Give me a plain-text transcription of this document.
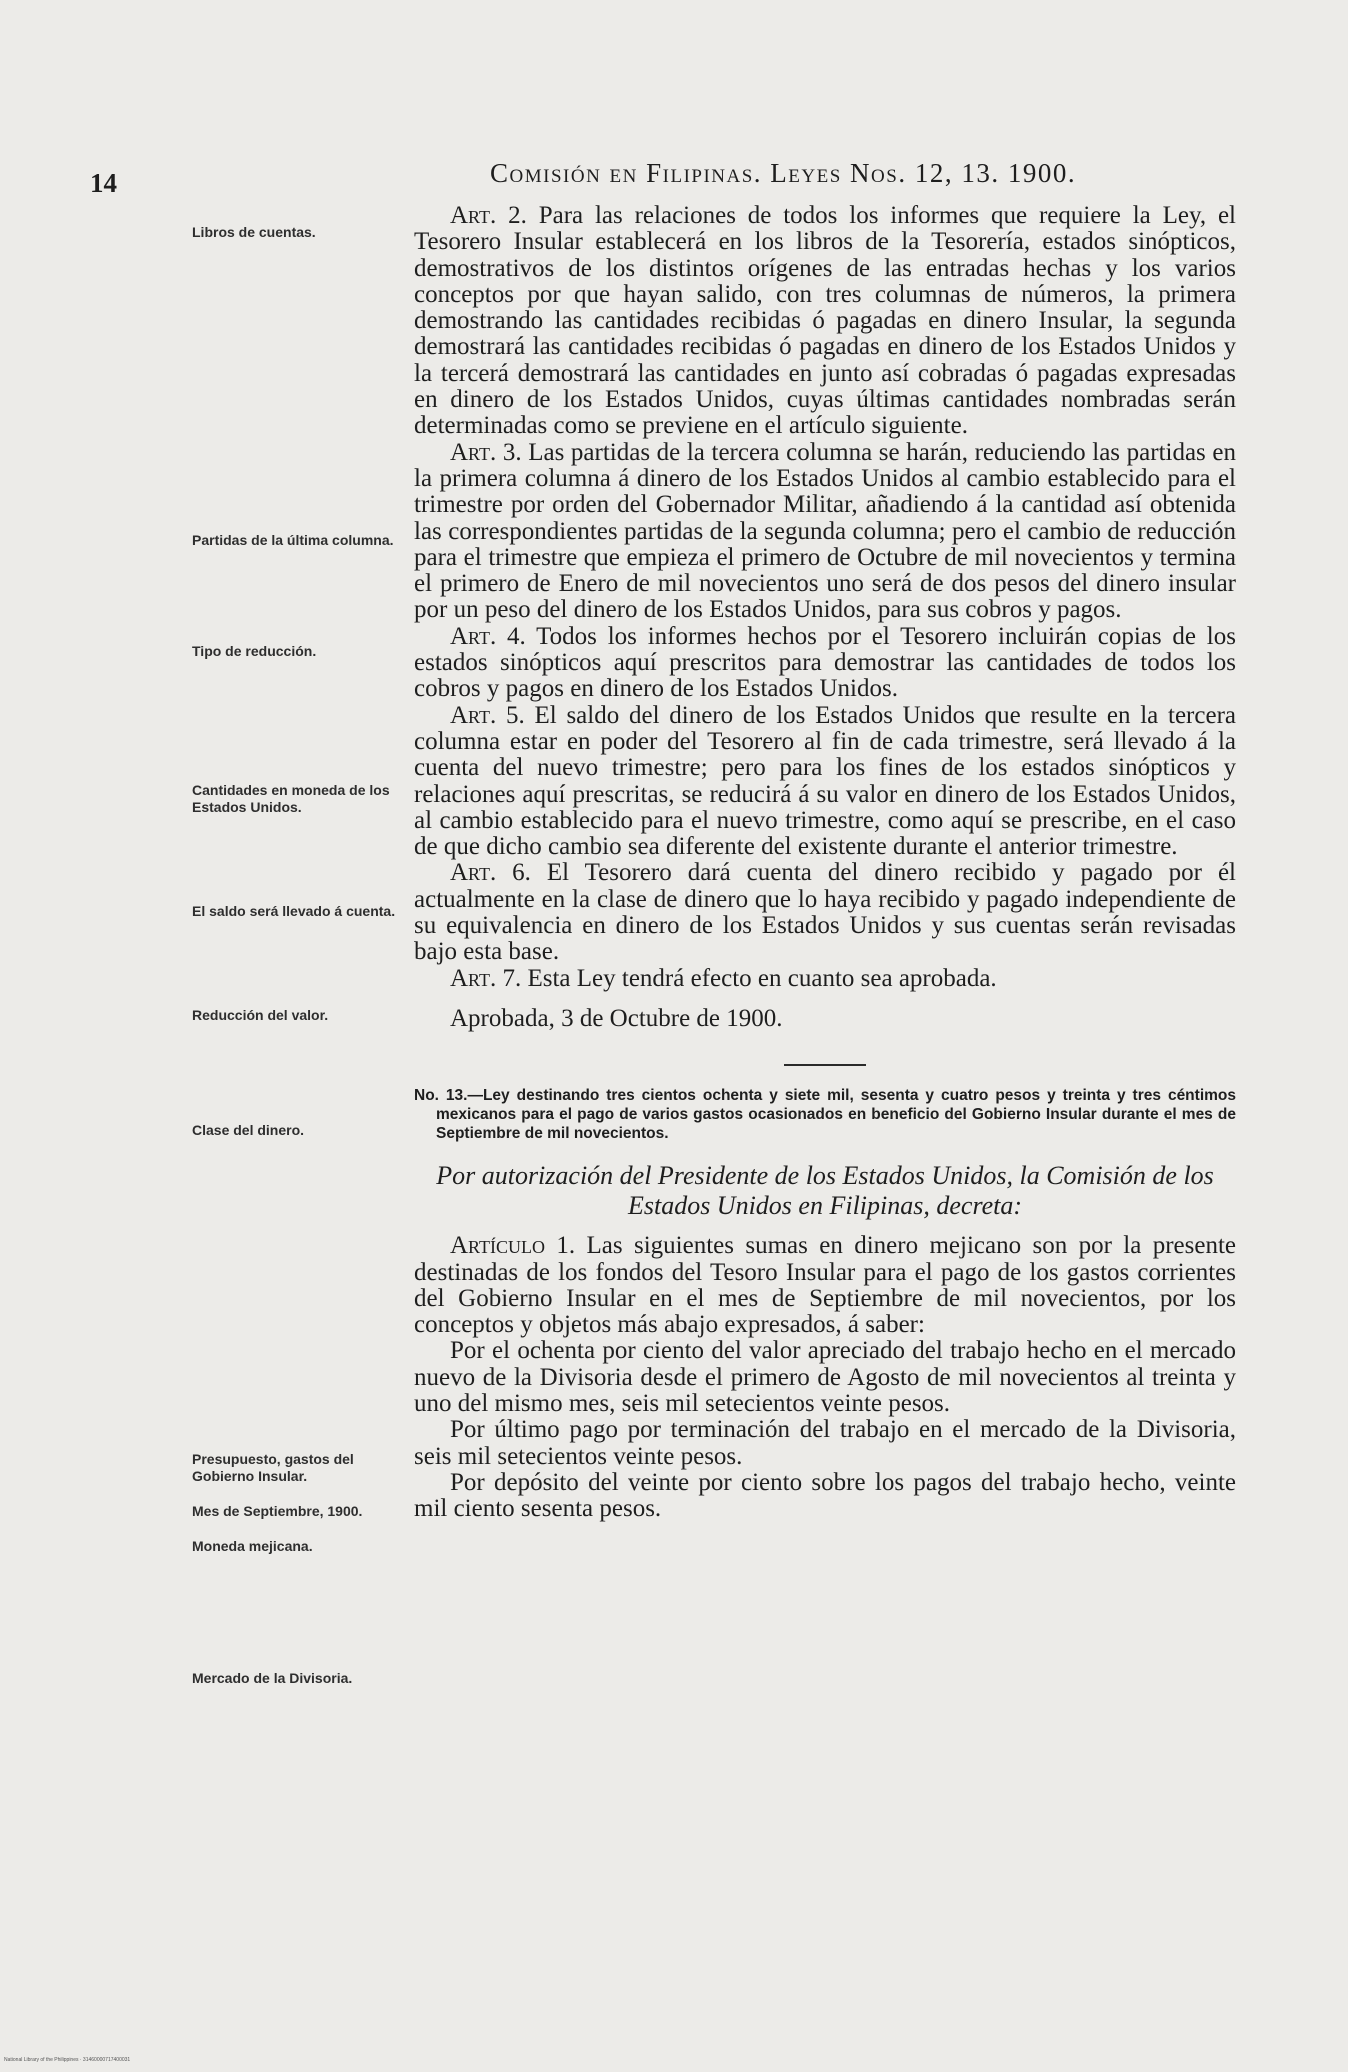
14	Comisión en Filipinas. Leyes Nos. 12, 13. 1900.
Libros de cuentas.
Partidas de la última columna.
Tipo de reducción.
Cantidades en moneda de los Estados Unidos.
El saldo será llevado á cuenta.
Reducción del valor.
Clase del dinero.
Presupuesto, gastos del Gobierno Insular.
Mes de Septiembre, 1900.
Moneda mejicana.
Mercado de la Divisoria.

Art. 2. Para las relaciones de todos los informes que requiere la Ley, el Tesorero Insular establecerá en los libros de la Tesorería, estados sinópticos, demostrativos de los distintos orígenes de las entradas hechas y los varios conceptos por que hayan salido, con tres columnas de números, la primera demostrando las cantidades recibidas ó pagadas en dinero Insular, la segunda demostrará las cantidades recibidas ó pagadas en dinero de los Estados Unidos y la tercerá demostrará las cantidades en junto así cobradas ó pagadas expresadas en dinero de los Estados Unidos, cuyas últimas cantidades nombradas serán determinadas como se previene en el artículo siguiente.

Art. 3. Las partidas de la tercera columna se harán, reduciendo las partidas en la primera columna á dinero de los Estados Unidos al cambio establecido para el trimestre por orden del Gobernador Militar, añadiendo á la cantidad así obtenida las correspondientes partidas de la segunda columna; pero el cambio de reducción para el trimestre que empieza el primero de Octubre de mil novecientos y termina el primero de Enero de mil novecientos uno será de dos pesos del dinero insular por un peso del dinero de los Estados Unidos, para sus cobros y pagos.

Art. 4. Todos los informes hechos por el Tesorero incluirán copias de los estados sinópticos aquí prescritos para demostrar las cantidades de todos los cobros y pagos en dinero de los Estados Unidos.

Art. 5. El saldo del dinero de los Estados Unidos que resulte en la tercera columna estar en poder del Tesorero al fin de cada trimestre, será llevado á la cuenta del nuevo trimestre; pero para los fines de los estados sinópticos y relaciones aquí prescritas, se reducirá á su valor en dinero de los Estados Unidos, al cambio establecido para el nuevo trimestre, como aquí se prescribe, en el caso de que dicho cambio sea diferente del existente durante el anterior trimestre.

Art. 6. El Tesorero dará cuenta del dinero recibido y pagado por él actualmente en la clase de dinero que lo haya recibido y pagado independiente de su equivalencia en dinero de los Estados Unidos y sus cuentas serán revisadas bajo esta base.

Art. 7. Esta Ley tendrá efecto en cuanto sea aprobada.

Aprobada, 3 de Octubre de 1900.

No. 13.—Ley destinando tres cientos ochenta y siete mil, sesenta y cuatro pesos y treinta y tres céntimos mexicanos para el pago de varios gastos ocasionados en beneficio del Gobierno Insular durante el mes de Septiembre de mil novecientos.

Por autorización del Presidente de los Estados Unidos, la Comisión de los Estados Unidos en Filipinas, decreta:

Artículo 1. Las siguientes sumas en dinero mejicano son por la presente destinadas de los fondos del Tesoro Insular para el pago de los gastos corrientes del Gobierno Insular en el mes de Septiembre de mil novecientos, por los conceptos y objetos más abajo expresados, á saber:

Por el ochenta por ciento del valor apreciado del trabajo hecho en el mercado nuevo de la Divisoria desde el primero de Agosto de mil novecientos al treinta y uno del mismo mes, seis mil setecientos veinte pesos.

Por último pago por terminación del trabajo en el mercado de la Divisoria, seis mil setecientos veinte pesos.

Por depósito del veinte por ciento sobre los pagos del trabajo hecho, veinte mil ciento sesenta pesos.

National Library of the Philippines · 31460000717400031
